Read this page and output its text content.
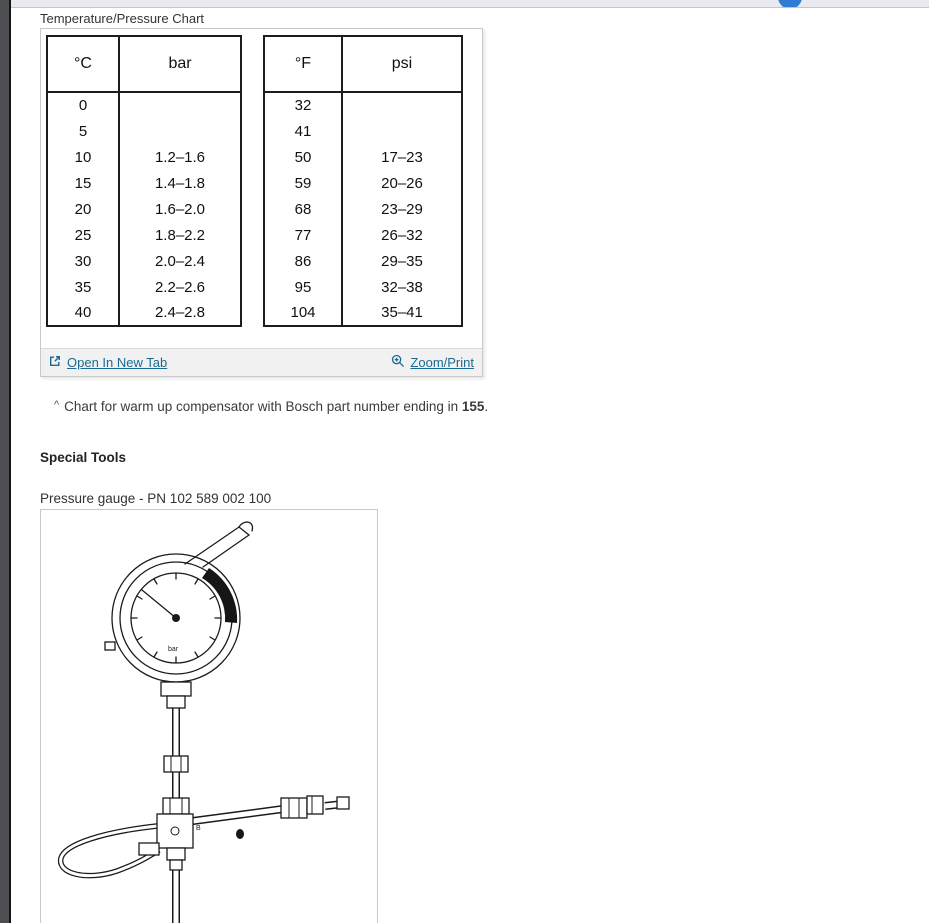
Temperature/Pressure Chart
°C	bar
0	
5	
10	1.2–1.6
15	1.4–1.8
20	1.6–2.0
25	1.8–2.2
30	2.0–2.4
35	2.2–2.6
40	2.4–2.8
°F	psi
32	
41	
50	17–23
59	20–26
68	23–29
77	26–32
86	29–35
95	32–38
104	35–41
Open In New Tab	Zoom/Print
^ Chart for warm up compensator with Bosch part number ending in 155.
Special Tools
Pressure gauge - PN 102 589 002 100
bar
B
